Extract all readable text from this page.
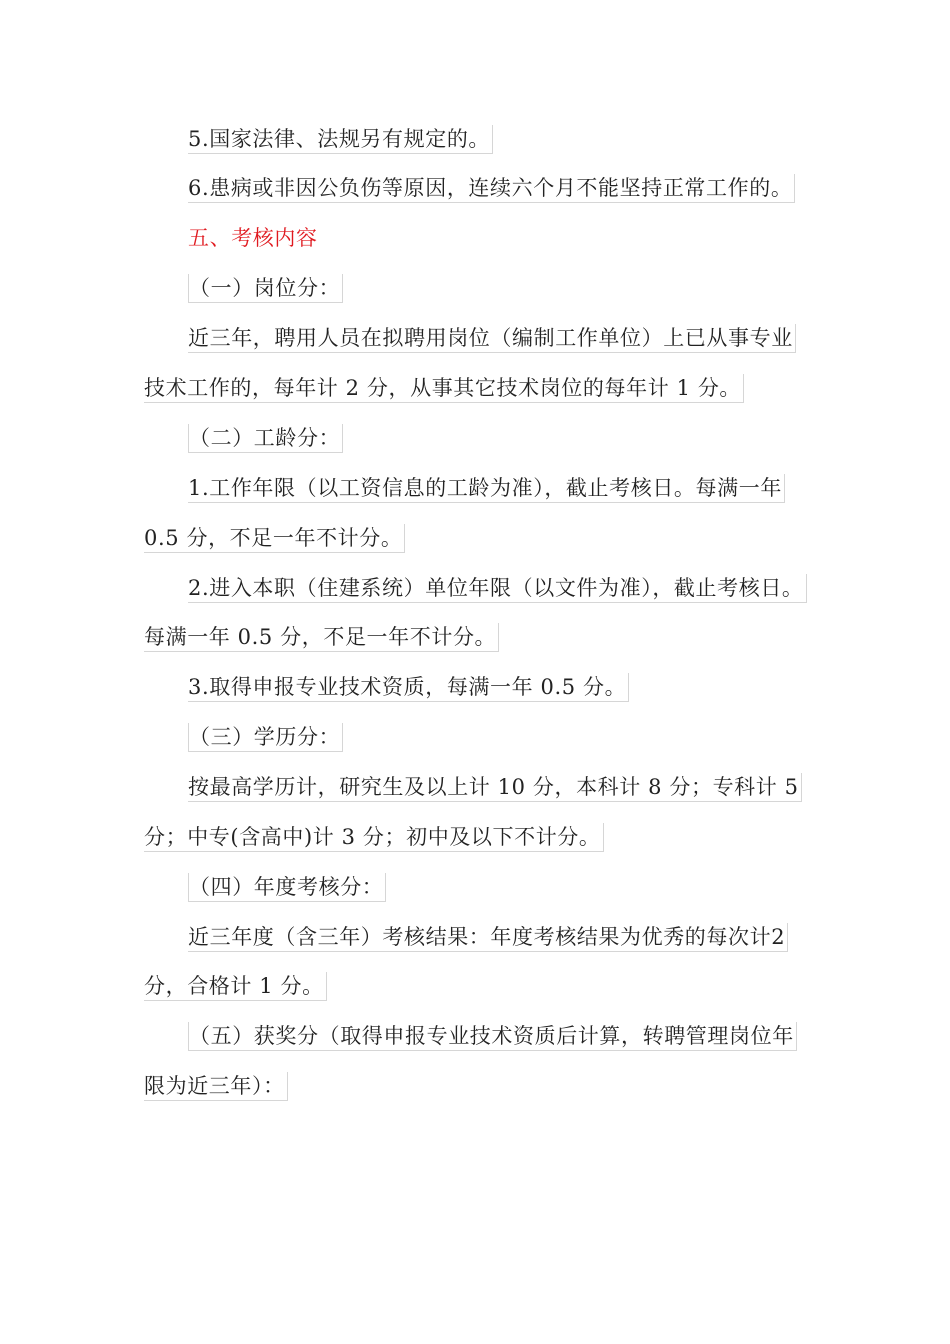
5.国家法律、法规另有规定的。
6.患病或非因公负伤等原因，连续六个月不能坚持正常工作的。
五、考核内容
（一）岗位分：
近三年，聘用人员在拟聘用岗位（编制工作单位）上已从事专业
技术工作的，每年计 2 分，从事其它技术岗位的每年计 1 分。
（二）工龄分：
1.工作年限（以工资信息的工龄为准），截止考核日。每满一年
0.5 分，不足一年不计分。
2.进入本职（住建系统）单位年限（以文件为准），截止考核日。
每满一年 0.5 分，不足一年不计分。
3.取得申报专业技术资质，每满一年 0.5 分。
（三）学历分：
按最高学历计，研究生及以上计 10 分，本科计 8 分；专科计 5
分；中专(含高中)计 3 分；初中及以下不计分。
（四）年度考核分：
近三年度（含三年）考核结果：年度考核结果为优秀的每次计2
分，合格计 1 分。
（五）获奖分（取得申报专业技术资质后计算，转聘管理岗位年
限为近三年）：
